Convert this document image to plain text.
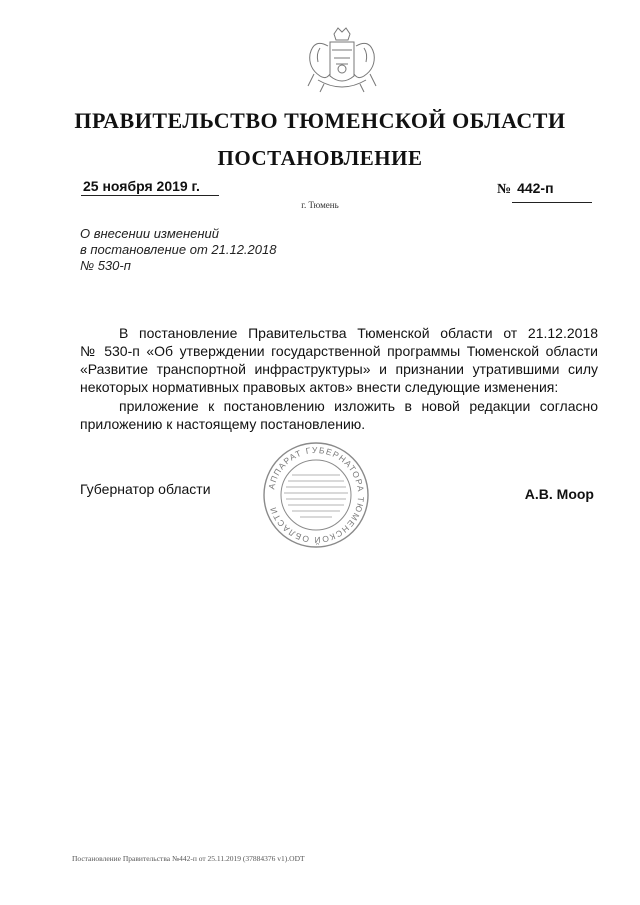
ПРАВИТЕЛЬСТВО ТЮМЕНСКОЙ ОБЛАСТИ
ПОСТАНОВЛЕНИЕ
25 ноября 2019 г.	№ 442-п
г. Тюмень
О внесении изменений
в постановление от 21.12.2018
№ 530-п
В постановление Правительства Тюменской области от 21.12.2018
№ 530-п «Об утверждении государственной программы Тюменской области
«Развитие транспортной инфраструктуры» и признании утратившими силу
некоторых нормативных правовых актов» внести следующие изменения:
приложение к постановлению изложить в новой редакции согласно
приложению к настоящему постановлению.
Губернатор области	АППАРАТ ГУБЕРНАТОРА ТЮМЕНСКОЙ ОБЛАСТИ
А.В. Моор
Постановление Правительства №442-п от 25.11.2019 (37884376 v1).ODT
